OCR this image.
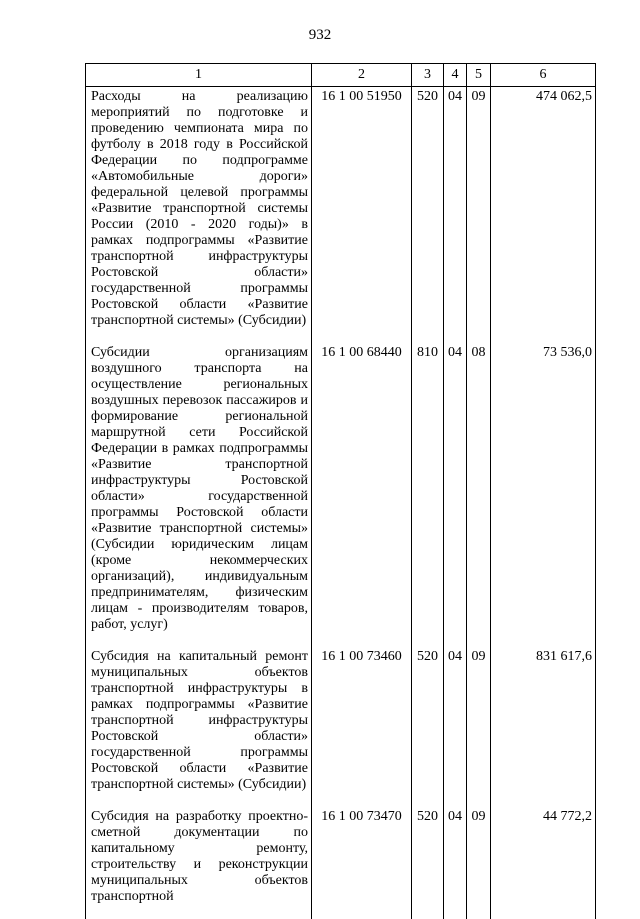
932
1	2	3	4	5	6
Расходы на реализацию мероприятий по подготовке и проведению чемпионата мира по футболу в 2018 году в Российской Федерации по подпрограмме «Автомобильные дороги» федеральной целевой программы «Развитие транспортной системы России (2010 - 2020 годы)» в рамках подпрограммы «Развитие транспортной инфраструктуры Ростовской области» государственной программы Ростовской области «Развитие транспортной системы» (Субсидии)	16 1 00 51950	520	04	09	474 062,5
Субсидии организациям воздушного транспорта на осуществление региональных воздушных перевозок пассажиров и формирование региональной маршрутной сети Российской Федерации в рамках подпрограммы «Развитие транспортной инфраструктуры Ростовской области» государственной программы Ростовской области «Развитие транспортной системы» (Субсидии юридическим лицам (кроме некоммерческих организаций), индивидуальным предпринимателям, физическим лицам - производителям товаров, работ, услуг)	16 1 00 68440	810	04	08	73 536,0
Субсидия на капитальный ремонт муниципальных объектов транспортной инфраструктуры в рамках подпрограммы «Развитие транспортной инфраструктуры Ростовской области» государственной программы Ростовской области «Развитие транспортной системы» (Субсидии)	16 1 00 73460	520	04	09	831 617,6
Субсидия на разработку проектно-сметной документации по капитальному ремонту, строительству и реконструкции муниципальных объектов транспортной	16 1 00 73470	520	04	09	44 772,2
